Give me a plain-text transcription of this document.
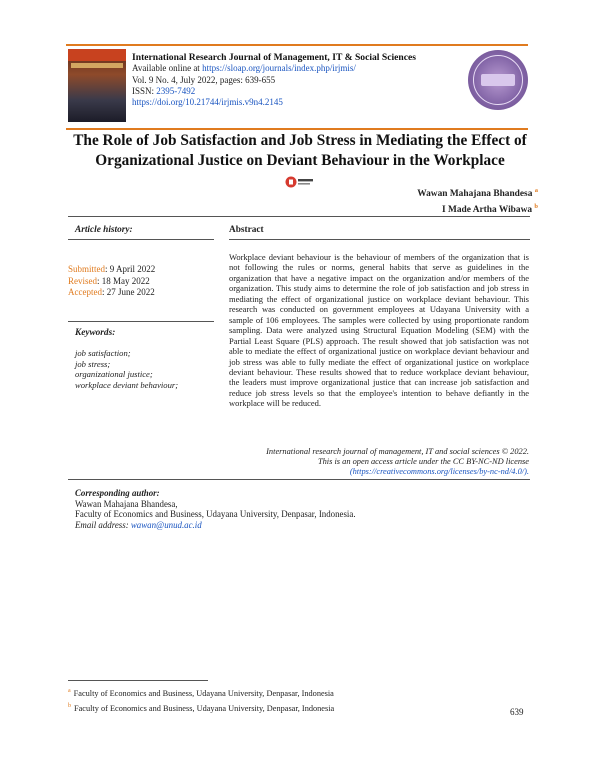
International Research Journal of Management, IT & Social Sciences
Available online at https://sloap.org/journals/index.php/irjmis/
Vol. 9 No. 4, July 2022, pages: 639-655
ISSN: 2395-7492
https://doi.org/10.21744/irjmis.v9n4.2145
The Role of Job Satisfaction and Job Stress in Mediating the Effect of Organizational Justice on Deviant Behaviour in the Workplace
Wawan Mahajana Bhandesa $^a$
I Made Artha Wibawa $^b$
Article history:
Submitted: 9 April 2022
Revised: 18 May 2022
Accepted: 27 June 2022
Keywords:
job satisfaction;
job stress;
organizational justice;
workplace deviant behaviour;
Abstract
Workplace deviant behaviour is the behaviour of members of the organization that is not following the rules or norms, general habits that serve as guidelines in the organization that have a negative impact on the organization and/or members of the organization. This study aims to determine the role of job satisfaction and job stress in mediating the effect of organizational justice on workplace deviant behaviour. This research was conducted on government employees at Udayana University with a sample of 106 employees. The samples were collected by using proportionate random sampling. Data were analyzed using Structural Equation Modeling (SEM) with the Partial Least Square (PLS) approach. The result showed that job satisfaction was not able to mediate the effect of organizational justice on workplace deviant behaviour and job stress was able to fully mediate the effect of organizational justice on workplace deviant behaviour. These results showed that to reduce workplace deviant behaviour, the leaders must improve organizational justice that can increase job satisfaction and reduce job stress levels so that the employee's intention to behave defiantly in the workplace will be reduced.
International research journal of management, IT and social sciences © 2022.
This is an open access article under the CC BY-NC-ND license
(https://creativecommons.org/licenses/by-nc-nd/4.0/).
Corresponding author:
Wawan Mahajana Bhandesa,
Faculty of Economics and Business, Udayana University, Denpasar, Indonesia.
Email address: wawan@unud.ac.id
$^a$ Faculty of Economics and Business, Udayana University, Denpasar, Indonesia
$^b$ Faculty of Economics and Business, Udayana University, Denpasar, Indonesia	639
